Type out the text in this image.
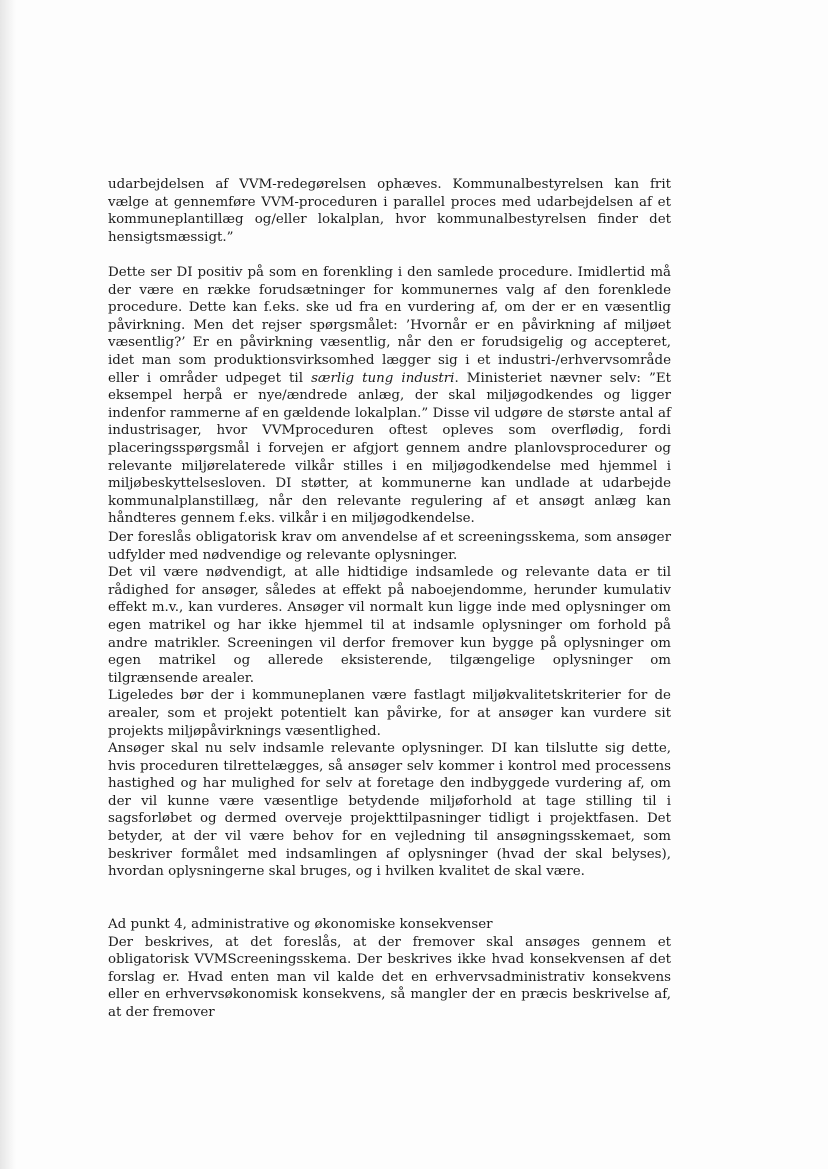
udarbejdelsen af VVM-redegørelsen ophæves. Kommunalbestyrelsen kan frit vælge at gennemføre VVM-proceduren i parallel proces med udarbejdelsen af et kommuneplantillæg og/eller lokalplan, hvor kommunalbestyrelsen finder det hensigtsmæssigt.”

Dette ser DI positiv på som en forenkling i den samlede procedure. Imidlertid må der være en række forudsætninger for kommunernes valg af den forenklede procedure. Dette kan f.eks. ske ud fra en vurdering af, om der er en væsentlig påvirkning. Men det rejser spørgsmålet: ’Hvornår er en påvirkning af miljøet væsentlig?’ Er en påvirkning væsentlig, når den er forudsigelig og accepteret, idet man som produktionsvirksomhed lægger sig i et industri-/erhvervsområde eller i områder udpeget til særlig tung industri. Ministeriet nævner selv: ”Et eksempel herpå er nye/ændrede anlæg, der skal miljøgodkendes og ligger indenfor rammerne af en gældende lokalplan.” Disse vil udgøre de største antal af industrisager, hvor VVMproceduren oftest opleves som overflødig, fordi placeringsspørgsmål i forvejen er afgjort gennem andre planlovsprocedurer og relevante miljørelaterede vilkår stilles i en miljøgodkendelse med hjemmel i miljøbeskyttelsesloven. DI støtter, at kommunerne kan undlade at udarbejde kommunalplanstillæg, når den relevante regulering af et ansøgt anlæg kan håndteres gennem f.eks. vilkår i en miljøgodkendelse.

Der foreslås obligatorisk krav om anvendelse af et screeningsskema, som ansøger udfylder med nødvendige og relevante oplysninger.

Det vil være nødvendigt, at alle hidtidige indsamlede og relevante data er til rådighed for ansøger, således at effekt på naboejendomme, herunder kumulativ effekt m.v., kan vurderes. Ansøger vil normalt kun ligge inde med oplysninger om egen matrikel og har ikke hjemmel til at indsamle oplysninger om forhold på andre matrikler. Screeningen vil derfor fremover kun bygge på oplysninger om egen matrikel og allerede eksisterende, tilgængelige oplysninger om tilgrænsende arealer.

Ligeledes bør der i kommuneplanen være fastlagt miljøkvalitetskriterier for de arealer, som et projekt potentielt kan påvirke, for at ansøger kan vurdere sit projekts miljøpåvirknings væsentlighed.

Ansøger skal nu selv indsamle relevante oplysninger. DI kan tilslutte sig dette, hvis proceduren tilrettelægges, så ansøger selv kommer i kontrol med processens hastighed og har mulighed for selv at foretage den indbyggede vurdering af, om der vil kunne være væsentlige betydende miljøforhold at tage stilling til i sagsforløbet og dermed overveje projekttilpasninger tidligt i projektfasen. Det betyder, at der vil være behov for en vejledning til ansøgningsskemaet, som beskriver formålet med indsamlingen af oplysninger (hvad der skal belyses), hvordan oplysningerne skal bruges, og i hvilken kvalitet de skal være.

Ad punkt 4, administrative og økonomiske konsekvenser

Der beskrives, at det foreslås, at der fremover skal ansøges gennem et obligatorisk VVMScreeningsskema. Der beskrives ikke hvad konsekvensen af det forslag er. Hvad enten man vil kalde det en erhvervsadministrativ konsekvens eller en erhvervsøkonomisk konsekvens, så mangler der en præcis beskrivelse af, at der fremover
